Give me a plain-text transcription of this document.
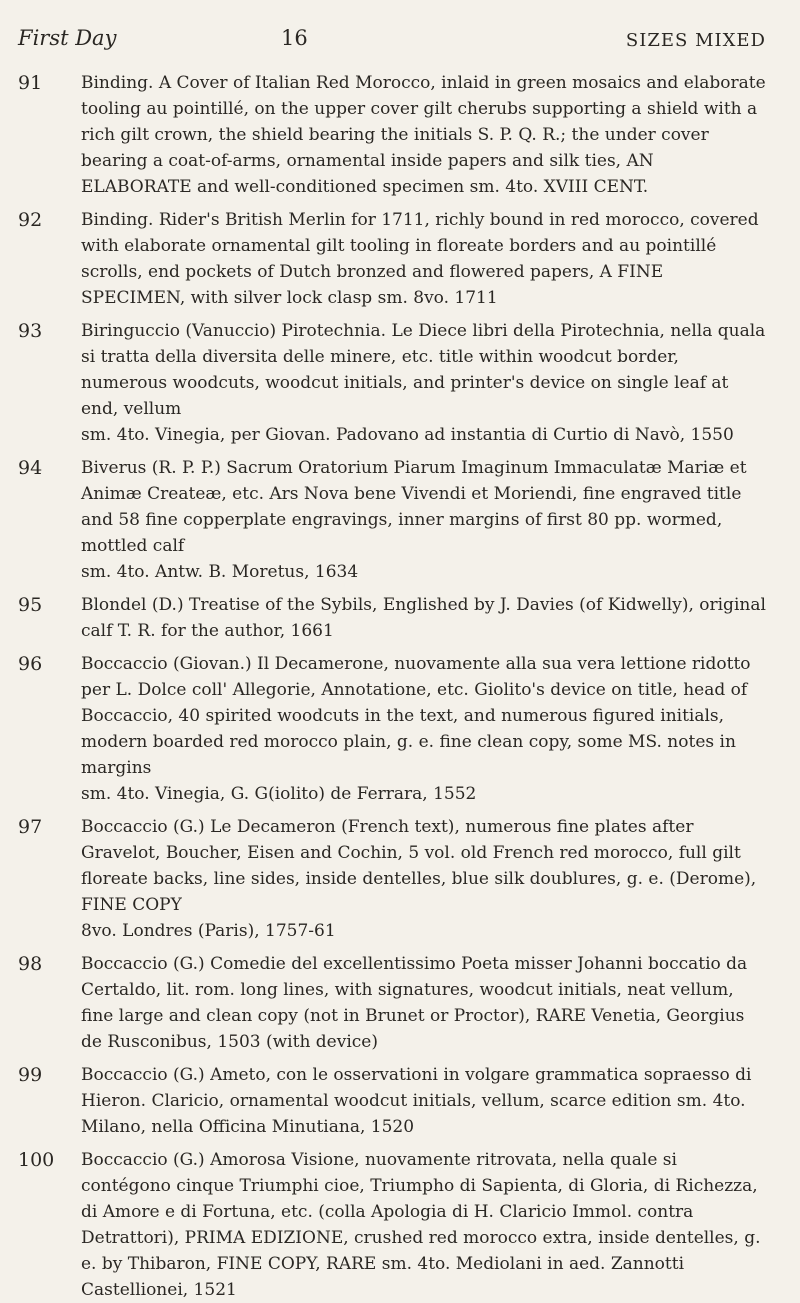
First Day	16	SIZES MIXED
91 Binding. A Cover of Italian Red Morocco, inlaid in green mosaics and elaborate tooling au pointillé, on the upper cover gilt cherubs supporting a shield with a rich gilt crown, the shield bearing the initials S. P. Q. R.; the under cover bearing a coat-of-arms, ornamental inside papers and silk ties, AN ELABORATE and well-conditioned specimen sm. 4to. XVIII CENT.
92 Binding. Rider's British Merlin for 1711, richly bound in red morocco, covered with elaborate ornamental gilt tooling in floreate borders and au pointillé scrolls, end pockets of Dutch bronzed and flowered papers, A FINE SPECIMEN, with silver lock clasp sm. 8vo. 1711
93 Biringuccio (Vanuccio) Pirotechnia. Le Diece libri della Pirotechnia, nella quala si tratta della diversita delle minere, etc. title within woodcut border, numerous woodcuts, woodcut initials, and printer's device on single leaf at end, vellum
sm. 4to. Vinegia, per Giovan. Padovano ad instantia di Curtio di Navò, 1550
94 Biverus (R. P. P.) Sacrum Oratorium Piarum Imaginum Immaculatæ Mariæ et Animæ Createæ, etc. Ars Nova bene Vivendi et Moriendi, fine engraved title and 58 fine copperplate engravings, inner margins of first 80 pp. wormed, mottled calf
sm. 4to. Antw. B. Moretus, 1634
95 Blondel (D.) Treatise of the Sybils, Englished by J. Davies (of Kidwelly), original calf T. R. for the author, 1661
96 Boccaccio (Giovan.) Il Decamerone, nuovamente alla sua vera lettione ridotto per L. Dolce coll' Allegorie, Annotatione, etc. Giolito's device on title, head of Boccaccio, 40 spirited woodcuts in the text, and numerous figured initials, modern boarded red morocco plain, g. e. fine clean copy, some MS. notes in margins
sm. 4to. Vinegia, G. G(iolito) de Ferrara, 1552
97 Boccaccio (G.) Le Decameron (French text), numerous fine plates after Gravelot, Boucher, Eisen and Cochin, 5 vol. old French red morocco, full gilt floreate backs, line sides, inside dentelles, blue silk doublures, g. e. (Derome), FINE COPY
8vo. Londres (Paris), 1757-61
98 Boccaccio (G.) Comedie del excellentissimo Poeta misser Johanni boccatio da Certaldo, lit. rom. long lines, with signatures, woodcut initials, neat vellum, fine large and clean copy (not in Brunet or Proctor), RARE Venetia, Georgius de Rusconibus, 1503 (with device)
99 Boccaccio (G.) Ameto, con le osservationi in volgare grammatica sopraesso di Hieron. Claricio, ornamental woodcut initials, vellum, scarce edition sm. 4to. Milano, nella Officina Minutiana, 1520
100 Boccaccio (G.) Amorosa Visione, nuovamente ritrovata, nella quale si contégono cinque Triumphi cioe, Triumpho di Sapienta, di Gloria, di Richezza, di Amore e di Fortuna, etc. (colla Apologia di H. Claricio Immol. contra Detrattori), PRIMA EDIZIONE, crushed red morocco extra, inside dentelles, g. e. by Thibaron, FINE COPY, RARE sm. 4to. Mediolani in aed. Zannotti Castellionei, 1521
